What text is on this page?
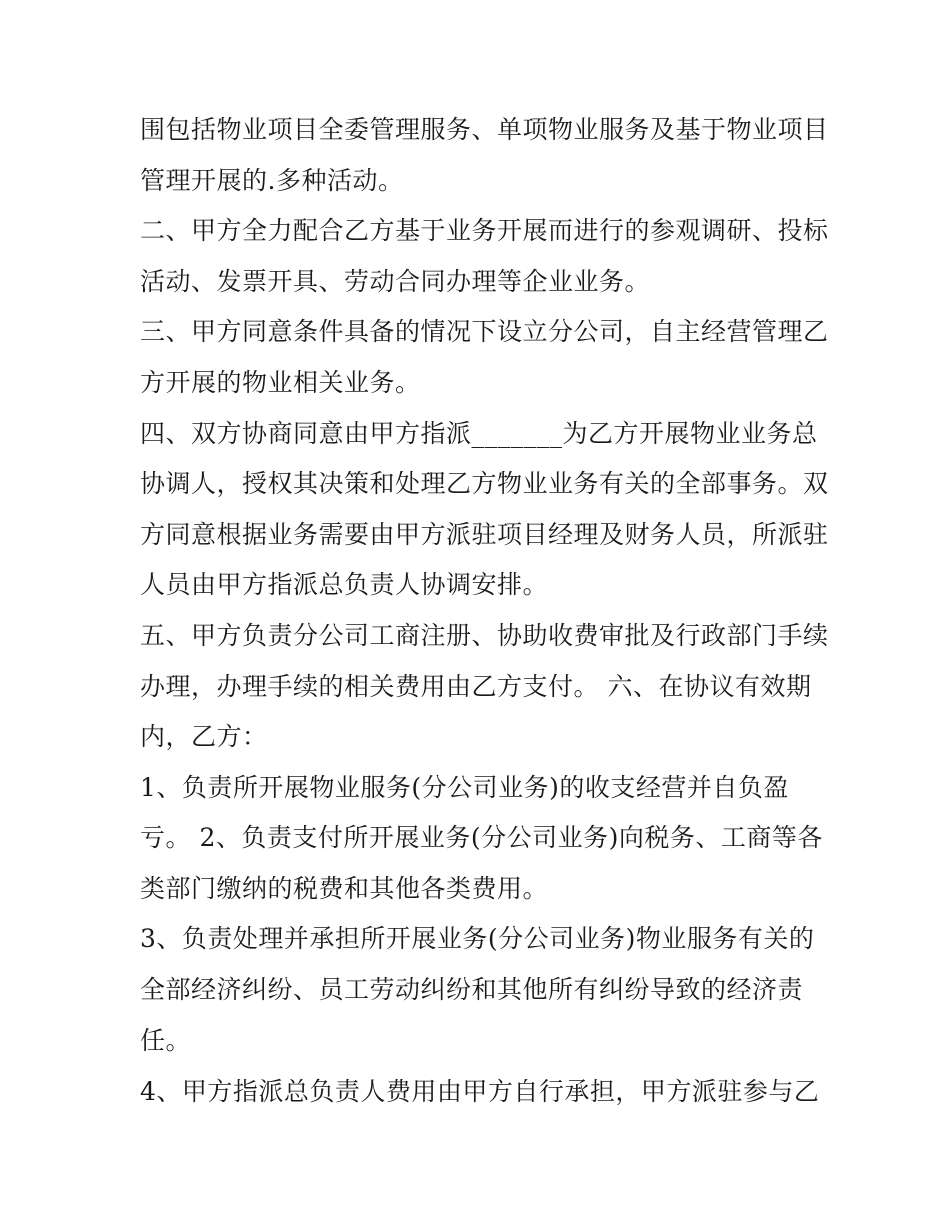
围包括物业项目全委管理服务、单项物业服务及基于物业项目
管理开展的.多种活动。
二、甲方全力配合乙方基于业务开展而进行的参观调研、投标
活动、发票开具、劳动合同办理等企业业务。
三、甲方同意条件具备的情况下设立分公司，自主经营管理乙
方开展的物业相关业务。
四、双方协商同意由甲方指派_______为乙方开展物业业务总
协调人，授权其决策和处理乙方物业业务有关的全部事务。双
方同意根据业务需要由甲方派驻项目经理及财务人员，所派驻
人员由甲方指派总负责人协调安排。
五、甲方负责分公司工商注册、协助收费审批及行政部门手续
办理，办理手续的相关费用由乙方支付。 六、在协议有效期
内，乙方：
1、负责所开展物业服务(分公司业务)的收支经营并自负盈
亏。 2、负责支付所开展业务(分公司业务)向税务、工商等各
类部门缴纳的税费和其他各类费用。
3、负责处理并承担所开展业务(分公司业务)物业服务有关的
全部经济纠纷、员工劳动纠纷和其他所有纠纷导致的经济责
任。
4、甲方指派总负责人费用由甲方自行承担，甲方派驻参与乙
